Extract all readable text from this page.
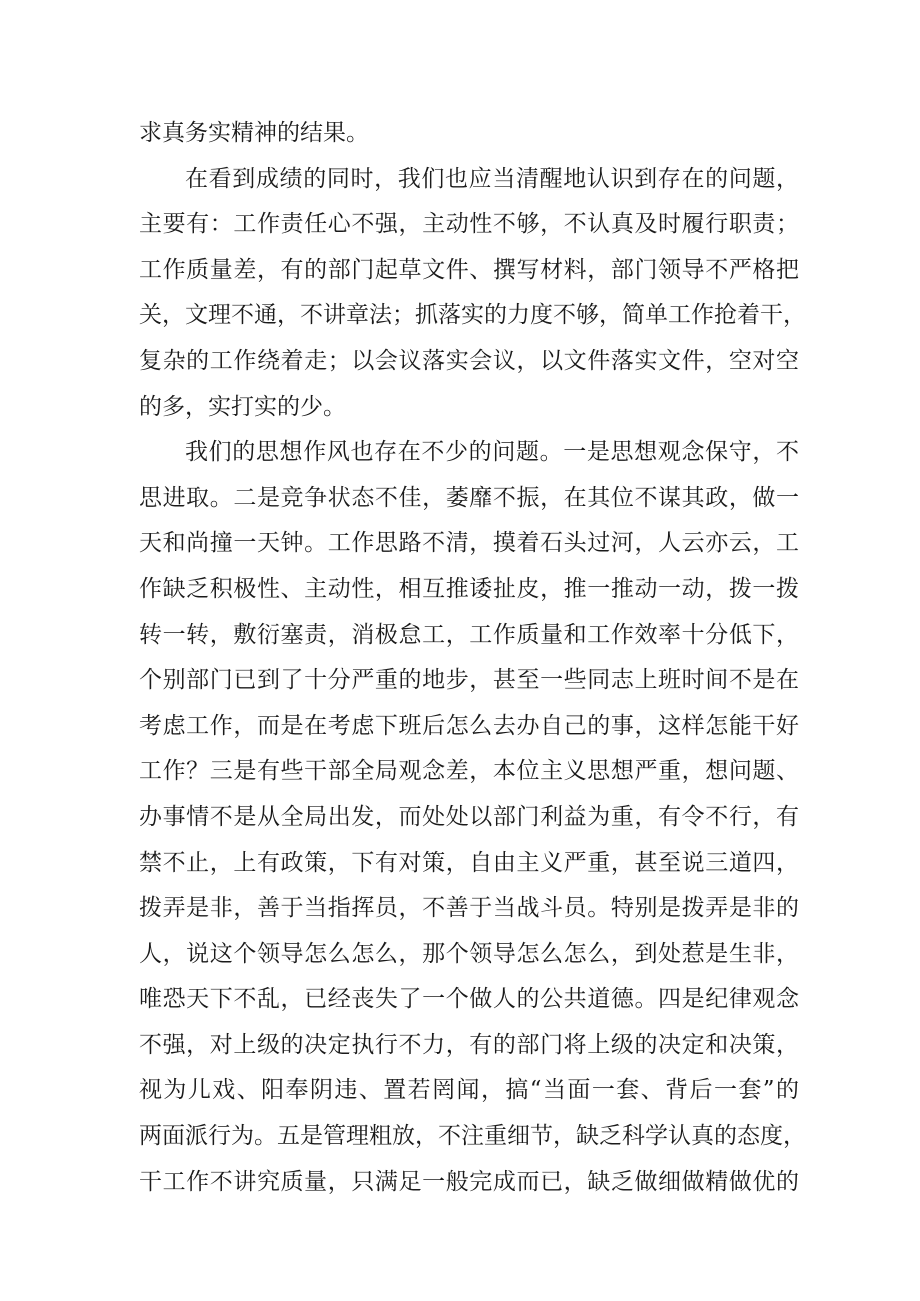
求真务实精神的结果。
在看到成绩的同时，我们也应当清醒地认识到存在的问题，
主要有：工作责任心不强，主动性不够，不认真及时履行职责；
工作质量差，有的部门起草文件、撰写材料，部门领导不严格把
关，文理不通，不讲章法；抓落实的力度不够，简单工作抢着干，
复杂的工作绕着走；以会议落实会议，以文件落实文件，空对空
的多，实打实的少。
我们的思想作风也存在不少的问题。一是思想观念保守，不
思进取。二是竞争状态不佳，萎靡不振，在其位不谋其政，做一
天和尚撞一天钟。工作思路不清，摸着石头过河，人云亦云，工
作缺乏积极性、主动性，相互推诿扯皮，推一推动一动，拨一拨
转一转，敷衍塞责，消极怠工，工作质量和工作效率十分低下，
个别部门已到了十分严重的地步，甚至一些同志上班时间不是在
考虑工作，而是在考虑下班后怎么去办自己的事，这样怎能干好
工作？三是有些干部全局观念差，本位主义思想严重，想问题、
办事情不是从全局出发，而处处以部门利益为重，有令不行，有
禁不止，上有政策，下有对策，自由主义严重，甚至说三道四，
拨弄是非，善于当指挥员，不善于当战斗员。特别是拨弄是非的
人，说这个领导怎么怎么，那个领导怎么怎么，到处惹是生非，
唯恐天下不乱，已经丧失了一个做人的公共道德。四是纪律观念
不强，对上级的决定执行不力，有的部门将上级的决定和决策，
视为儿戏、阳奉阴违、置若罔闻，搞“当面一套、背后一套”的
两面派行为。五是管理粗放，不注重细节，缺乏科学认真的态度，
干工作不讲究质量，只满足一般完成而已，缺乏做细做精做优的
